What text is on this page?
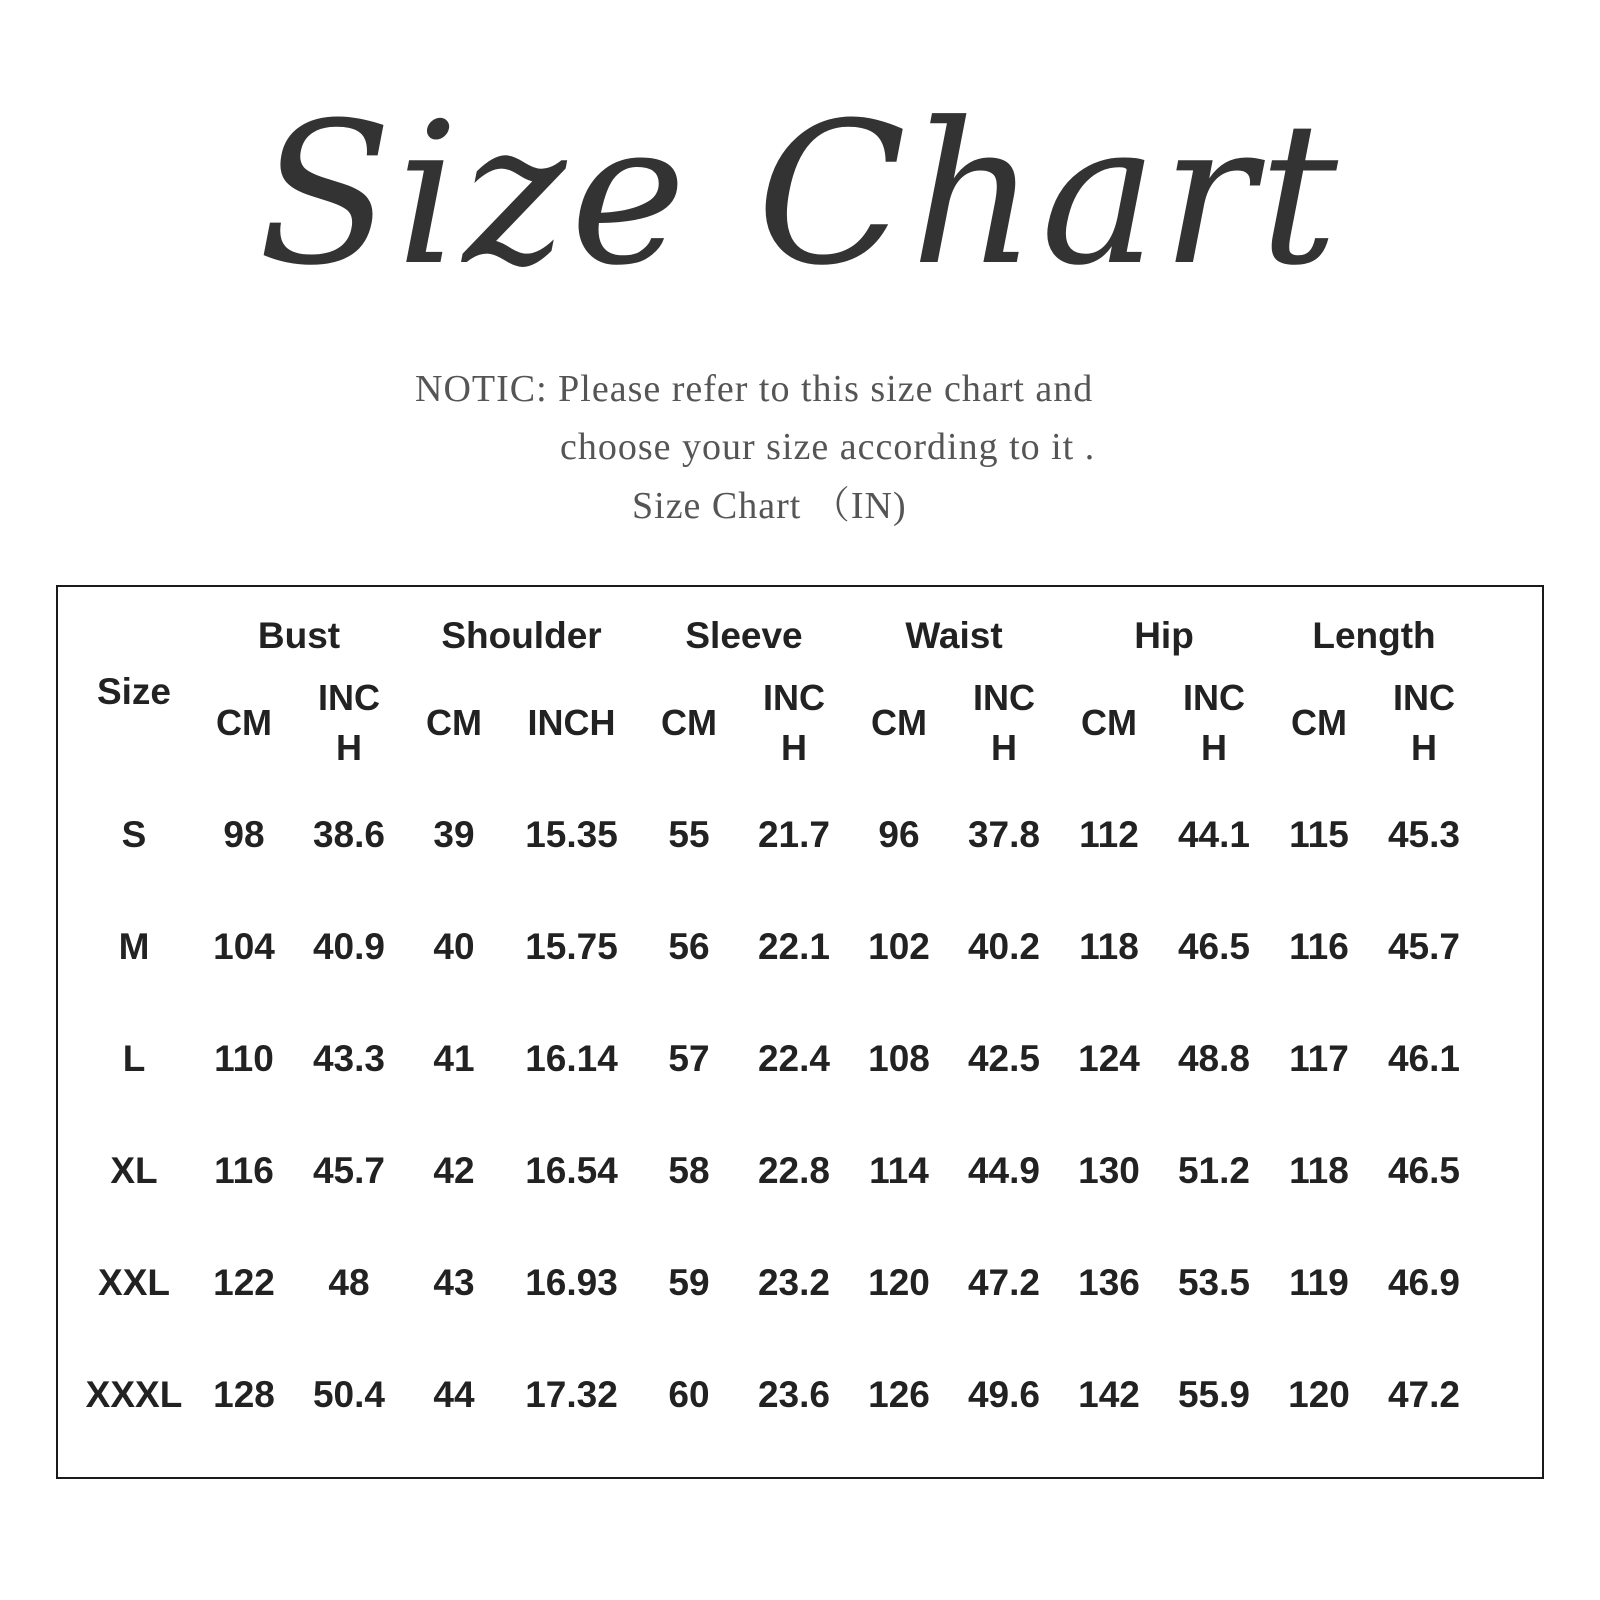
Size Chart
NOTIC: Please refer to this size chart and
choose your size according to it .
Size Chart （IN)
Size	Bust		Shoulder		Sleeve		Waist		Hip		Length	
	CM	INCH	CM	INCH	CM	INCH	CM	INCH	CM	INCH	CM	INCH
S	98	38.6	39	15.35	55	21.7	96	37.8	112	44.1	115	45.3
M	104	40.9	40	15.75	56	22.1	102	40.2	118	46.5	116	45.7
L	110	43.3	41	16.14	57	22.4	108	42.5	124	48.8	117	46.1
XL	116	45.7	42	16.54	58	22.8	114	44.9	130	51.2	118	46.5
XXL	122	48	43	16.93	59	23.2	120	47.2	136	53.5	119	46.9
XXXL	128	50.4	44	17.32	60	23.6	126	49.6	142	55.9	120	47.2
